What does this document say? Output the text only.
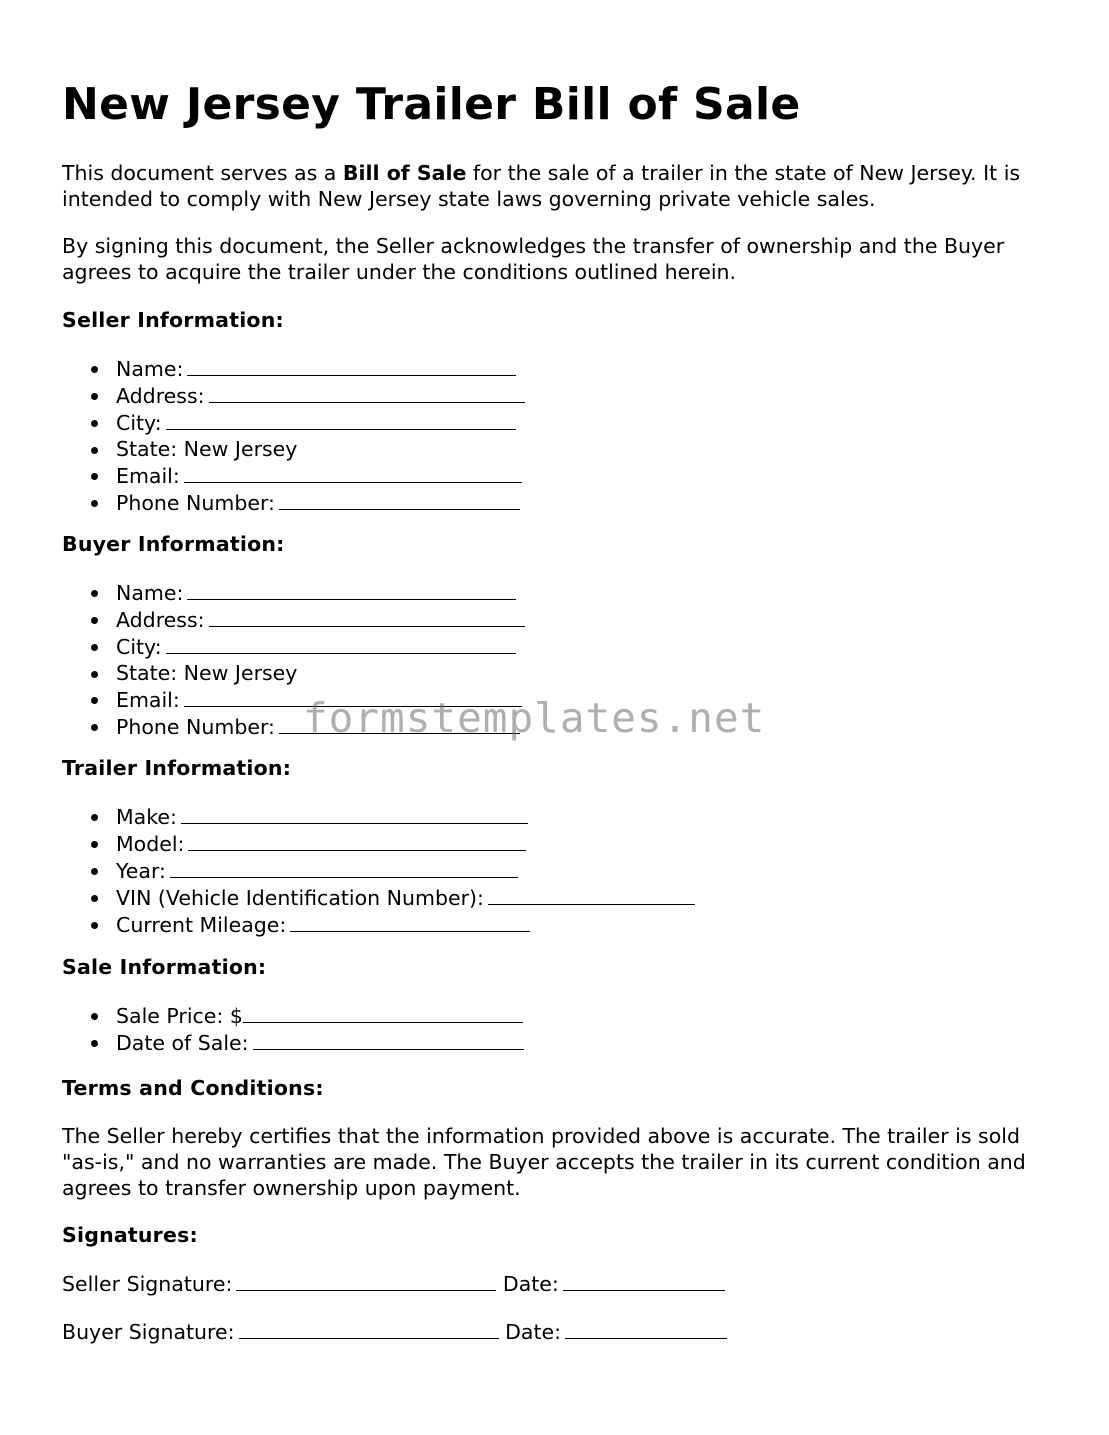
New Jersey Trailer Bill of Sale

This document serves as a Bill of Sale for the sale of a trailer in the state of New Jersey. It is intended to comply with New Jersey state laws governing private vehicle sales.

By signing this document, the Seller acknowledges the transfer of ownership and the Buyer agrees to acquire the trailer under the conditions outlined herein.

Seller Information:
Name:
Address:
City:
State: New Jersey
Email:
Phone Number:
Buyer Information:
Name:
Address:
City:
State: New Jersey
Email:
Phone Number:
Trailer Information:
Make:
Model:
Year:
VIN (Vehicle Identification Number):
Current Mileage:
Sale Information:
Sale Price: $
Date of Sale:
Terms and Conditions:

The Seller hereby certifies that the information provided above is accurate. The trailer is sold "as-is," and no warranties are made. The Buyer accepts the trailer in its current condition and agrees to transfer ownership upon payment.

Signatures:
Seller Signature:	Date:
Buyer Signature:	Date:
formstemplates.net
